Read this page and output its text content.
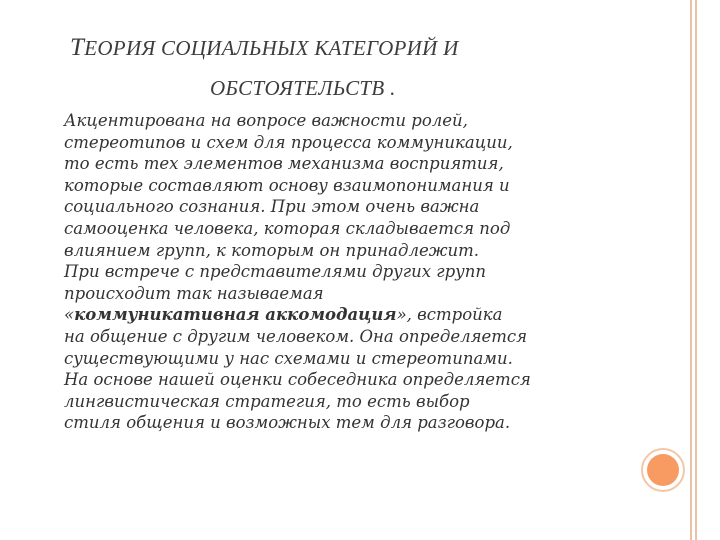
ТЕОРИЯ СОЦИАЛЬНЫХ КАТЕГОРИЙ И
ОБСТОЯТЕЛЬСТВ .
Акцентирована на вопросе важности ролей,
стереотипов и схем для процесса коммуникации,
то есть тех элементов механизма восприятия,
которые составляют основу взаимопонимания и
социального сознания. При этом очень важна
самооценка человека, которая складывается под
влиянием групп, к которым он принадлежит.
При встрече с представителями других групп
происходит так называемая
«коммуникативная аккомодация», встройка
на общение с другим человеком. Она определяется
существующими у нас схемами и стереотипами.
На основе нашей оценки собеседника определяется
лингвистическая стратегия, то есть выбор
стиля общения и возможных тем для разговора.
